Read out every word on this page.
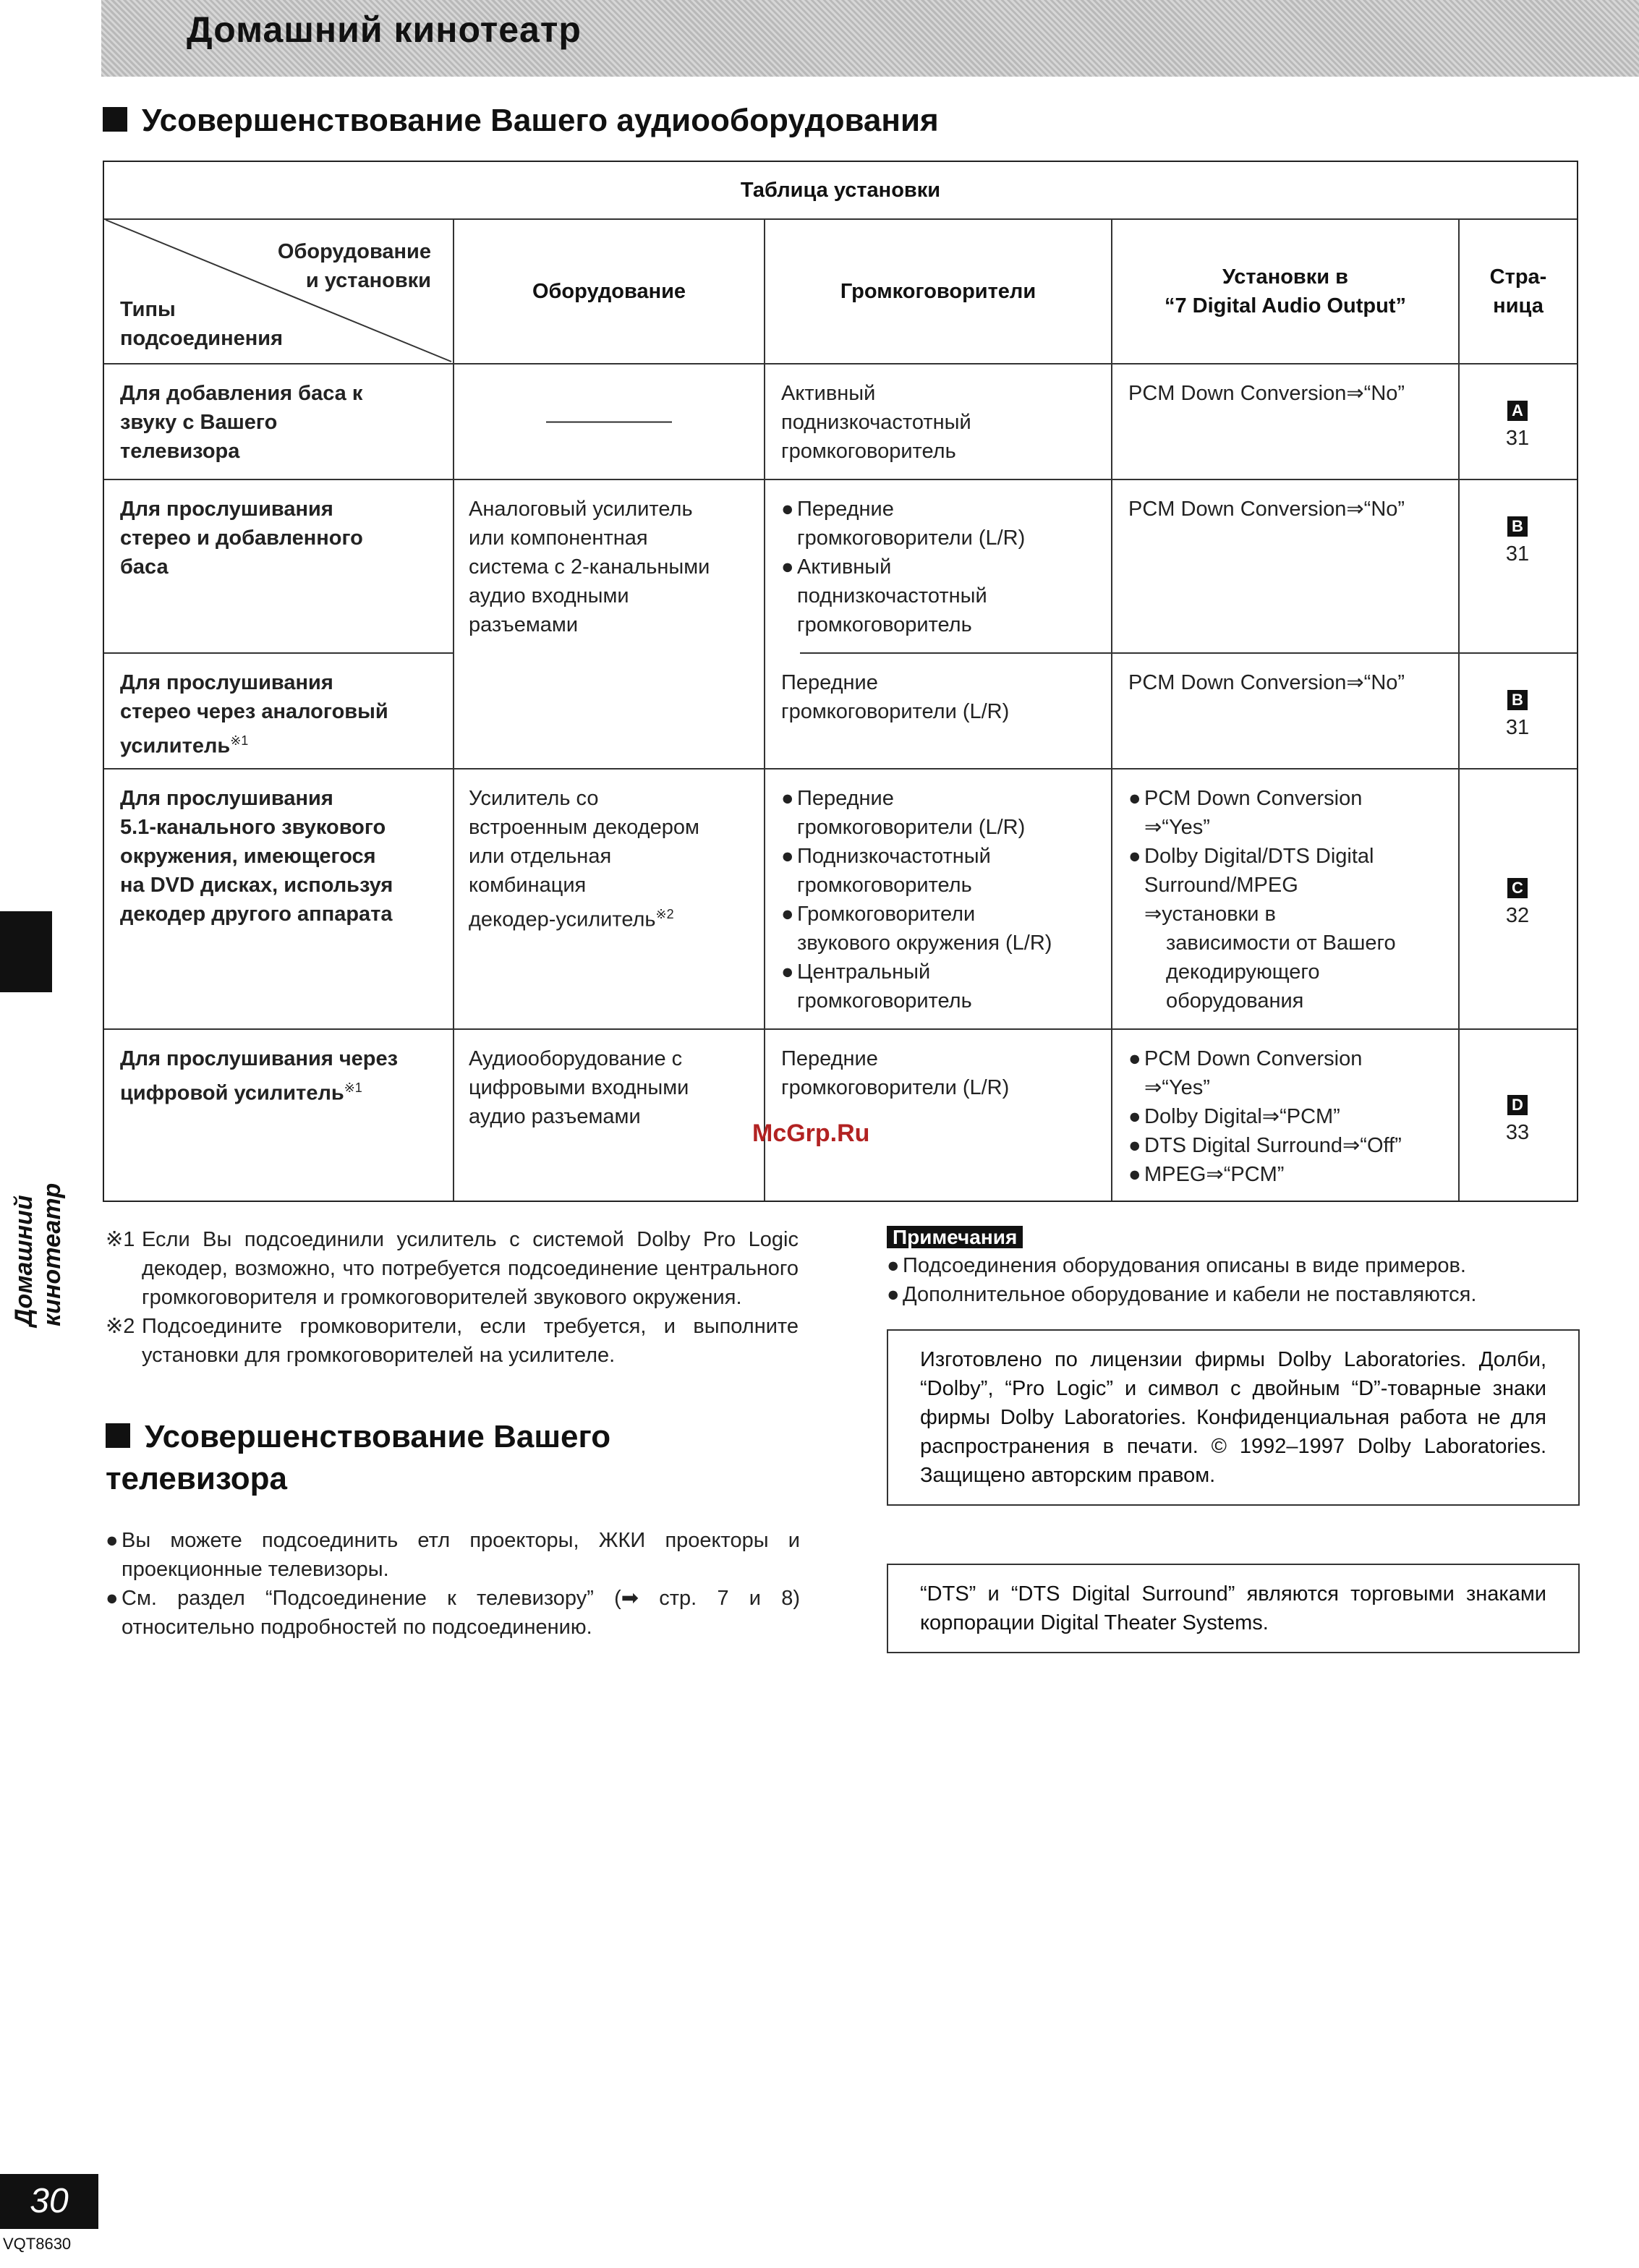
Домашний кинотеатр
Усовершенствование Вашего аудиооборудования
Таблица установки
Оборудование
и установки
Типы
подсоединения
Оборудование	Громкоговорители
Установки в
“7 Digital Audio Output”
Стра-
ница
Для добавления баса к
звуку с Вашего
телевизора
——————
Активный
поднизкочастотный
громкоговоритель
PCM Down Conversion⇒“No”
A
31
Для прослушивания
стерео и добавленного
баса
Аналоговый усилитель
или компонентная
система с 2-канальными
аудио входными
разъемами
● Передние
громкоговорители (L/R)
● Активный
поднизкочастотный
громкоговоритель
PCM Down Conversion⇒“No”
B
31
Для прослушивания
стерео через аналоговый
усилитель$^{※1}$
Передние
громкоговорители (L/R)
PCM Down Conversion⇒“No”
B
31
Для прослушивания
5.1-канального звукового
окружения, имеющегося
на DVD дисках, используя
декодер другого аппарата
Усилитель со
встроенным декодером
или отдельная
комбинация
декодер-усилитель$^{※2}$
● Передние
громкоговорители (L/R)
● Поднизкочастотный
громкоговоритель
● Громкоговорители
звукового окружения (L/R)
● Центральный
громкоговоритель
● PCM Down Conversion
⇒“Yes”
● Dolby Digital/DTS Digital
Surround/MPEG
⇒установки в
зависимости от Вашего
декодирующего
оборудования
C
32
Для прослушивания через
цифровой усилитель$^{※1}$
Аудиооборудование с
цифровыми входными
аудио разъемами
Передние
громкоговорители (L/R)
● PCM Down Conversion
⇒“Yes”
● Dolby Digital⇒“PCM”
● DTS Digital Surround⇒“Off”
● MPEG⇒“PCM”
D
33
McGrp.Ru
※1 Если Вы подсоединили усилитель с системой Dolby Pro Logic декодер, возможно, что потребуется подсоединение центрального громкоговорителя и громкоговорителей звукового окружения.
※2 Подсоедините громковорители, если требуется, и выполните установки для громкоговорителей на усилителе.
Усовершенствование Вашего телевизора
● Вы можете подсоединить етл проекторы, ЖКИ проекторы и проекционные телевизоры.
● См. раздел “Подсоединение к телевизору” (➡ стр. 7 и 8) относительно подробностей по подсоединению.
Примечания
● Подсоединения оборудования описаны в виде примеров.
● Дополнительное оборудование и кабели не поставляются.
Изготовлено по лицензии фирмы Dolby Laboratories. Долби, “Dolby”, “Pro Logic” и символ с двойным “D”-товарные знаки фирмы Dolby Laboratories. Конфиденциальная работа не для распространения в печати. © 1992–1997 Dolby Laboratories. Защищено авторским правом.
“DTS” и “DTS Digital Surround” являются торговыми знаками корпорации Digital Theater Systems.
Домашний кинотеатр
30
VQT8630
